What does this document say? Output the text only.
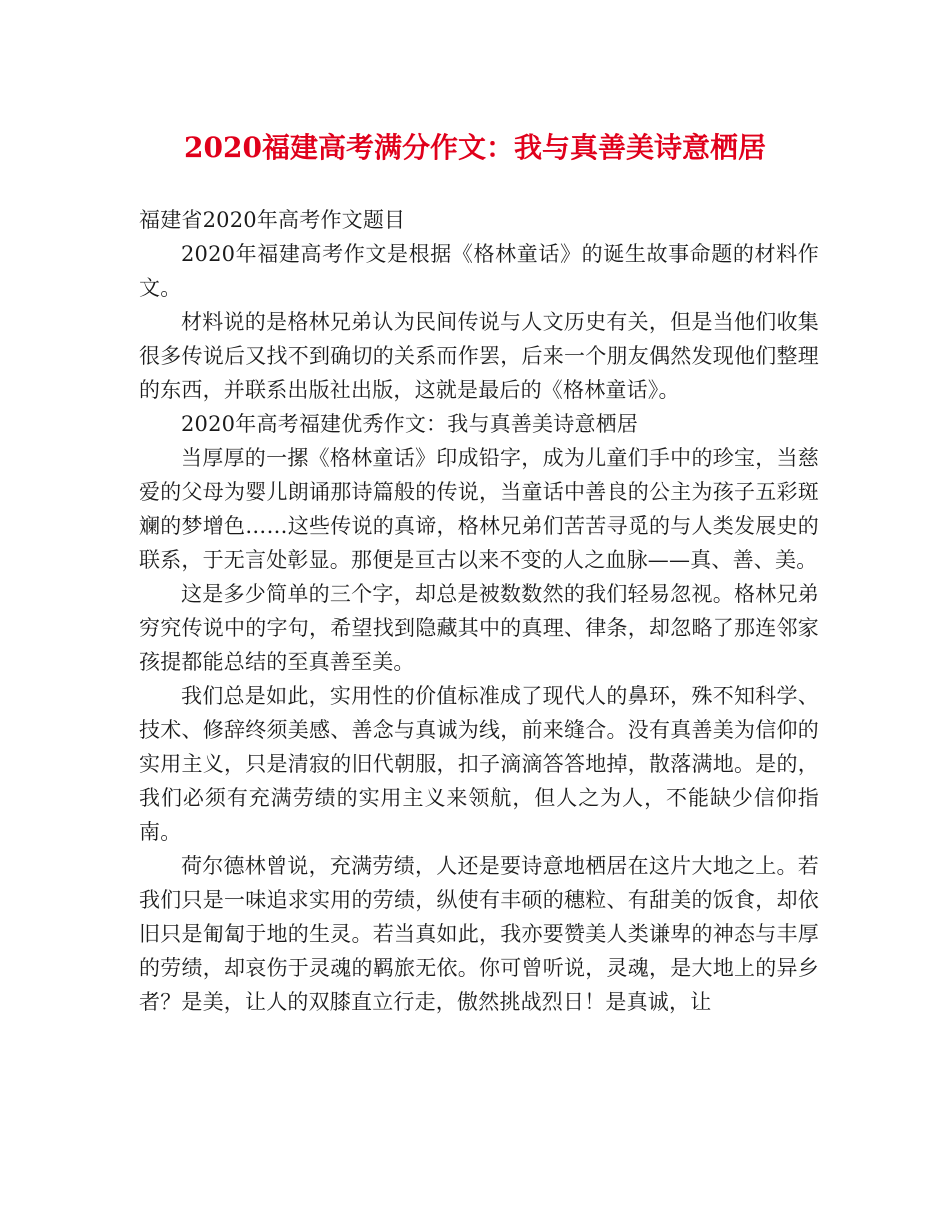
2020福建高考满分作文：我与真善美诗意栖居

福建省2020年高考作文题目

2020年福建高考作文是根据《格林童话》的诞生故事命题的材料作文。

材料说的是格林兄弟认为民间传说与人文历史有关，但是当他们收集很多传说后又找不到确切的关系而作罢，后来一个朋友偶然发现他们整理的东西，并联系出版社出版，这就是最后的《格林童话》。

2020年高考福建优秀作文：我与真善美诗意栖居

当厚厚的一摞《格林童话》印成铅字，成为儿童们手中的珍宝，当慈爱的父母为婴儿朗诵那诗篇般的传说，当童话中善良的公主为孩子五彩斑斓的梦增色……这些传说的真谛，格林兄弟们苦苦寻觅的与人类发展史的联系，于无言处彰显。那便是亘古以来不变的人之血脉——真、善、美。

这是多少简单的三个字，却总是被数数然的我们轻易忽视。格林兄弟穷究传说中的字句，希望找到隐藏其中的真理、律条，却忽略了那连邻家孩提都能总结的至真善至美。

我们总是如此，实用性的价值标准成了现代人的鼻环，殊不知科学、技术、修辞终须美感、善念与真诚为线，前来缝合。没有真善美为信仰的实用主义，只是清寂的旧代朝服，扣子滴滴答答地掉，散落满地。是的，我们必须有充满劳绩的实用主义来领航，但人之为人，不能缺少信仰指南。

荷尔德林曾说，充满劳绩，人还是要诗意地栖居在这片大地之上。若我们只是一味追求实用的劳绩，纵使有丰硕的穗粒、有甜美的饭食，却依旧只是匍匐于地的生灵。若当真如此，我亦要赞美人类谦卑的神态与丰厚的劳绩，却哀伤于灵魂的羁旅无依。你可曾听说，灵魂，是大地上的异乡者？是美，让人的双膝直立行走，傲然挑战烈日！是真诚，让
